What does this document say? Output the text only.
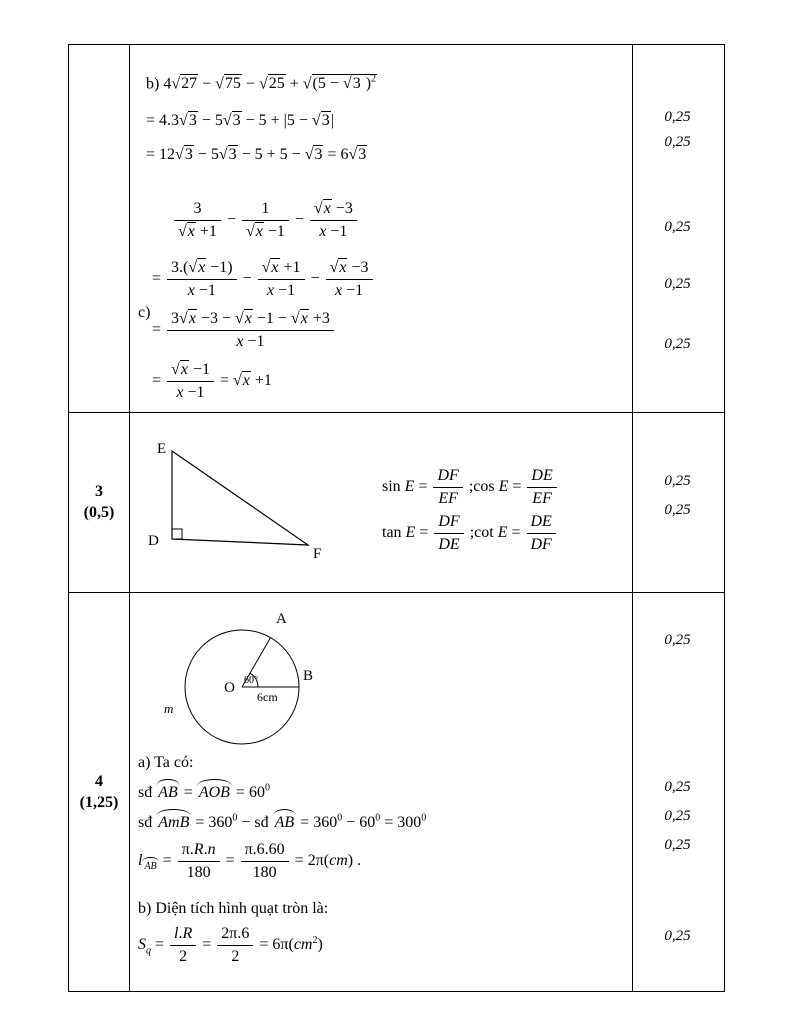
b) 4√27 − √75 − √25 + √(5 − √3 )$^2$
= 4.3√3 − 5√3 − 5 + |5 − √3|
= 12√3 − 5√3 − 5 + 5 − √3 = 6√3
$\frac{3}{√x +1} - \frac{1}{√x -1} - \frac{√x -3}{x -1}$
= $\frac{3.(√x -1)}{x -1} - \frac{√x +1}{x -1} - \frac{√x -3}{x -1}$
c)
= $\frac{3√x -3 - √x -1 - √x +3}{x -1}$
= $\frac{√x -1}{x -1} = √x +1$
0,25
0,25
0,25
0,25
0,25
3
(0,5)
E
D
F
$\sin E = \frac{DF}{EF}$ ;cos $E = \frac{DE}{EF}$
$\tan E = \frac{DF}{DE}$ ;cot $E = \frac{DE}{DF}$
0,25
0,25
4
(1,25)
O
A
B
60°
6cm
m
a) Ta có:
sđ AB = AOB = $60^0$
sđ AmB = $360^0$ − sđ AB = $360^0 - 60^0 = 300^0$
l $_{AB} = \frac{\pi.R.n}{180} = \frac{\pi.6.60}{180} = 2\pi(cm)$ .
b) Diện tích hình quạt tròn là:
$S_q = \frac{l.R}{2} = \frac{2\pi.6}{2} = 6\pi(cm^2)$
0,25
0,25
0,25
0,25
0,25
